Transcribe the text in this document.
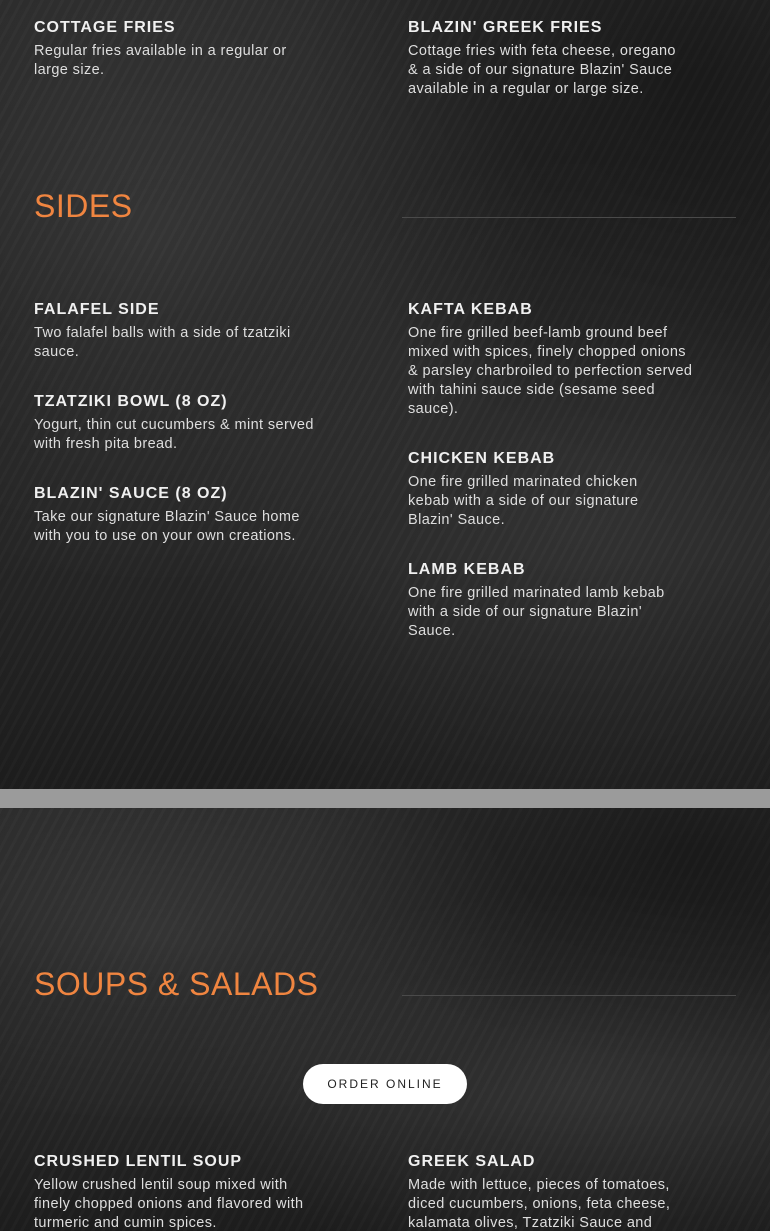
COTTAGE FRIES

Regular fries available in a regular or large size.

BLAZIN' GREEK FRIES

Cottage fries with feta cheese, oregano & a side of our signature Blazin' Sauce available in a regular or large size.

SIDES
FALAFEL SIDE

Two falafel balls with a side of tzatziki sauce.

TZATZIKI BOWL (8 OZ)

Yogurt, thin cut cucumbers & mint served with fresh pita bread.

BLAZIN' SAUCE (8 OZ)

Take our signature Blazin' Sauce home with you to use on your own creations.

KAFTA KEBAB

One fire grilled beef-lamb ground beef mixed with spices, finely chopped onions & parsley charbroiled to perfection served with tahini sauce side (sesame seed sauce).

CHICKEN KEBAB

One fire grilled marinated chicken kebab with a side of our signature Blazin' Sauce.

LAMB KEBAB

One fire grilled marinated lamb kebab with a side of our signature Blazin' Sauce.

SOUPS & SALADS
ORDER ONLINE
CRUSHED LENTIL SOUP

Yellow crushed lentil soup mixed with finely chopped onions and flavored with turmeric and cumin spices.

GREEK SALAD

Made with lettuce, pieces of tomatoes, diced cucumbers, onions, feta cheese, kalamata olives, Tzatziki Sauce and
